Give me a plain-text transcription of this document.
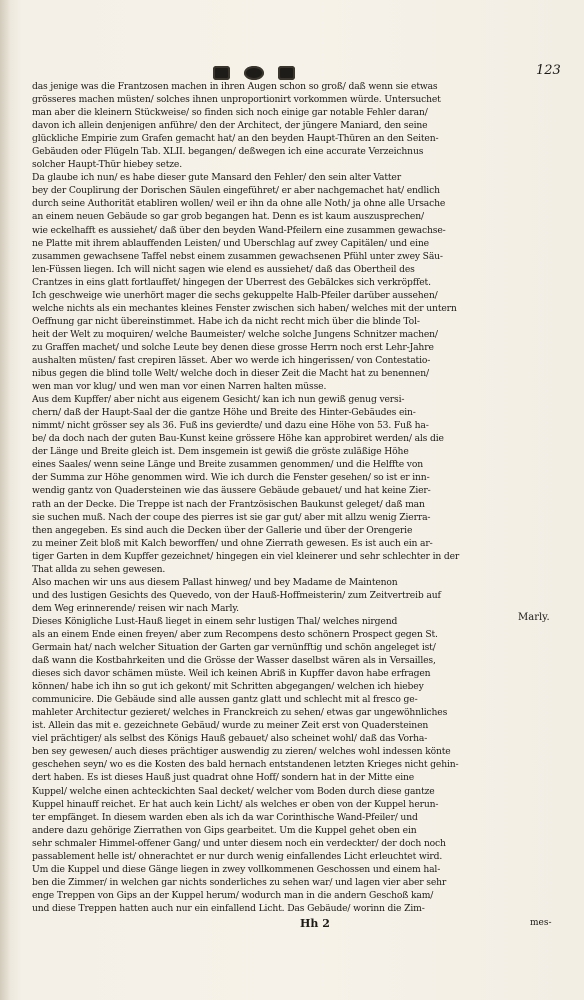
123
das jenige was die Frantzosen machen in ihren Augen schon so groß/ daß wenn sie etwas
grösseres machen müsten/ solches ihnen unproportionirt vorkommen würde. Untersuchet
man aber die kleinern Stückweise/ so finden sich noch einige gar notable Fehler daran/
davon ich allein denjenigen anführe/ den der Architect, der jüngere Maniard, den seine
glückliche Empirie zum Grafen gemacht hat/ an den beyden Haupt-Thüren an den Seiten-
Gebäuden oder Flügeln Tab. XLII. begangen/ deßwegen ich eine accurate Verzeichnus
solcher Haupt-Thür hiebey setze.
Da glaube ich nun/ es habe dieser gute Mansard den Fehler/ den sein alter Vatter
bey der Couplirung der Dorischen Säulen eingeführet/ er aber nachgemachet hat/ endlich
durch seine Authorität etabliren wollen/ weil er ihn da ohne alle Noth/ ja ohne alle Ursache
an einem neuen Gebäude so gar grob begangen hat. Denn es ist kaum auszusprechen/
wie eckelhafft es aussiehet/ daß über den beyden Wand-Pfeilern eine zusammen gewachse-
ne Platte mit ihrem ablauffenden Leisten/ und Uberschlag auf zwey Capitälen/ und eine
zusammen gewachsene Taffel nebst einem zusammen gewachsenen Pfühl unter zwey Säu-
len-Füssen liegen. Ich will nicht sagen wie elend es aussiehet/ daß das Obertheil des
Crantzes in eins glatt fortlauffet/ hingegen der Uberrest des Gebälckes sich verkröpffet.
Ich geschweige wie unerhört mager die sechs gekuppelte Halb-Pfeiler darüber aussehen/
welche nichts als ein mechantes kleines Fenster zwischen sich haben/ welches mit der untern
Oeffnung gar nicht übereinstimmet. Habe ich da nicht recht mich über die blinde Tol-
heit der Welt zu moquiren/ welche Baumeister/ welche solche Jungens Schnitzer machen/
zu Graffen machet/ und solche Leute bey denen diese grosse Herrn noch erst Lehr-Jahre
aushalten müsten/ fast crepiren lässet. Aber wo werde ich hingerissen/ von Contestatio-
nibus gegen die blind tolle Welt/ welche doch in dieser Zeit die Macht hat zu benennen/
wen man vor klug/ und wen man vor einen Narren halten müsse.
Aus dem Kupffer/ aber nicht aus eigenem Gesicht/ kan ich nun gewiß genug versi-
chern/ daß der Haupt-Saal der die gantze Höhe und Breite des Hinter-Gebäudes ein-
nimmt/ nicht grösser sey als 36. Fuß ins gevierdte/ und dazu eine Höhe von 53. Fuß ha-
be/ da doch nach der guten Bau-Kunst keine grössere Höhe kan approbiret werden/ als die
der Länge und Breite gleich ist. Dem insgemein ist gewiß die gröste zuläßige Höhe
eines Saales/ wenn seine Länge und Breite zusammen genommen/ und die Helffte von
der Summa zur Höhe genommen wird. Wie ich durch die Fenster gesehen/ so ist er inn-
wendig gantz von Quadersteinen wie das äussere Gebäude gebauet/ und hat keine Zier-
rath an der Decke. Die Treppe ist nach der Frantzösischen Baukunst geleget/ daß man
sie suchen muß. Nach der coupe des pierres ist sie gar gut/ aber mit allzu wenig Zierra-
then angegeben. Es sind auch die Decken über der Gallerie und über der Orengerie
zu meiner Zeit bloß mit Kalch beworffen/ und ohne Zierrath gewesen. Es ist auch ein ar-
tiger Garten in dem Kupffer gezeichnet/ hingegen ein viel kleinerer und sehr schlechter in der
That allda zu sehen gewesen.
Also machen wir uns aus diesem Pallast hinweg/ und bey Madame de Maintenon
und des lustigen Gesichts des Quevedo, von der Hauß-Hoffmeisterin/ zum Zeitvertreib auf
dem Weg erinnerende/ reisen wir nach Marly.
Dieses Königliche Lust-Hauß lieget in einem sehr lustigen Thal/ welches nirgend
als an einem Ende einen freyen/ aber zum Recompens desto schönern Prospect gegen St.
Germain hat/ nach welcher Situation der Garten gar vernünfftig und schön angeleget ist/
daß wann die Kostbahrkeiten und die Grösse der Wasser daselbst wären als in Versailles,
dieses sich davor schämen müste. Weil ich keinen Abriß in Kupffer davon habe erfragen
können/ habe ich ihn so gut ich gekont/ mit Schritten abgegangen/ welchen ich hiebey
communicire. Die Gebäude sind alle aussen gantz glatt und schlecht mit al fresco ge-
mahleter Architectur gezieret/ welches in Franckreich zu sehen/ etwas gar ungewöhnliches
ist. Allein das mit e. gezeichnete Gebäud/ wurde zu meiner Zeit erst von Quadersteinen
viel prächtiger/ als selbst des Königs Hauß gebauet/ also scheinet wohl/ daß das Vorha-
ben sey gewesen/ auch dieses prächtiger auswendig zu zieren/ welches wohl indessen könte
geschehen seyn/ wo es die Kosten des bald hernach entstandenen letzten Krieges nicht gehin-
dert haben. Es ist dieses Hauß just quadrat ohne Hoff/ sondern hat in der Mitte eine
Kuppel/ welche einen achteckichten Saal decket/ welcher vom Boden durch diese gantze
Kuppel hinauff reichet. Er hat auch kein Licht/ als welches er oben von der Kuppel herun-
ter empfänget. In diesem warden eben als ich da war Corinthische Wand-Pfeiler/ und
andere dazu gehörige Zierrathen von Gips gearbeitet. Um die Kuppel gehet oben ein
sehr schmaler Himmel-offener Gang/ und unter diesem noch ein verdeckter/ der doch noch
passablement helle ist/ ohnerachtet er nur durch wenig einfallendes Licht erleuchtet wird.
Um die Kuppel und diese Gänge liegen in zwey vollkommenen Geschossen und einem hal-
ben die Zimmer/ in welchen gar nichts sonderliches zu sehen war/ und lagen vier aber sehr
enge Treppen von Gips an der Kuppel herum/ wodurch man in die andern Geschoß kam/
und diese Treppen hatten auch nur ein einfallend Licht. Das Gebäude/ worinn die Zim-
Marly.
Hh 2	mes-
